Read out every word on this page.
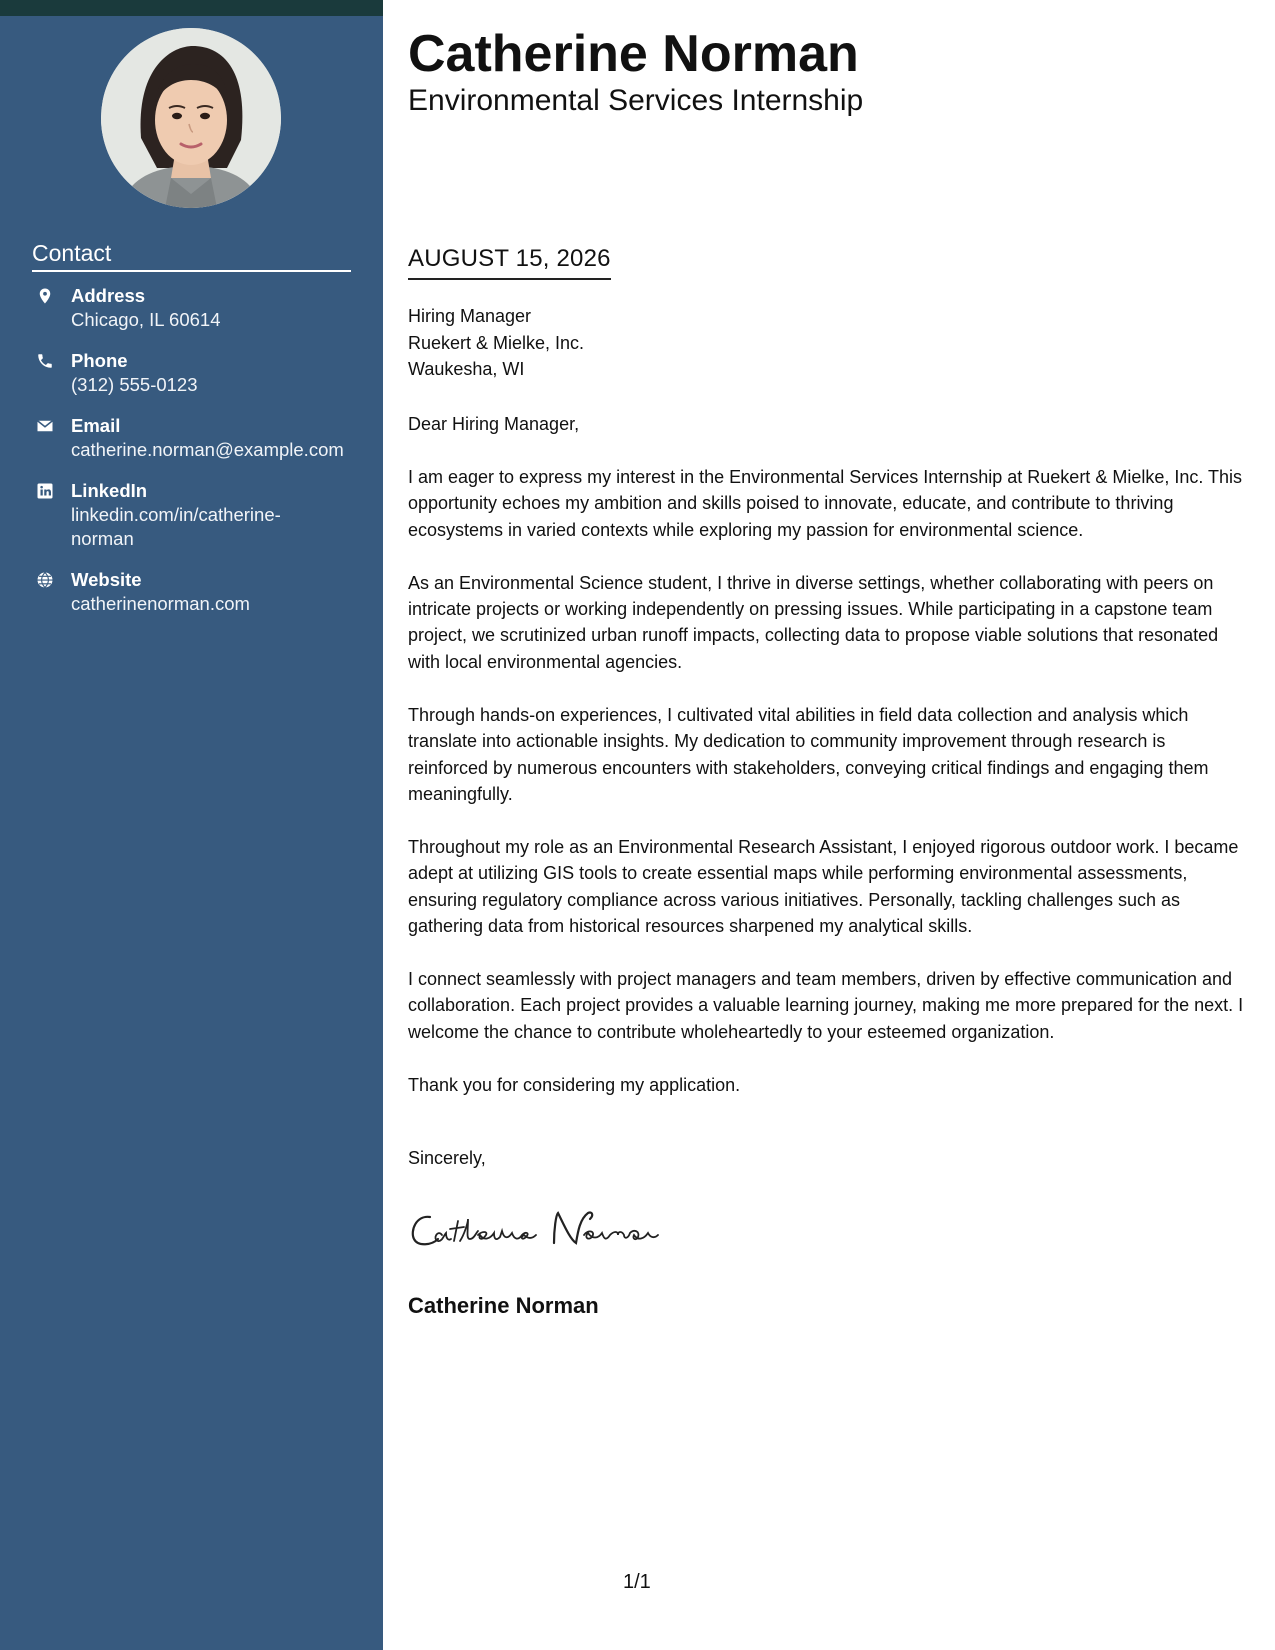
Contact
Address
Chicago, IL 60614
Phone
(312) 555-0123
Email
catherine.norman@example.com
LinkedIn
linkedin.com/in/catherine-
norman
Website
catherinenorman.com
Catherine Norman
Environmental Services Internship
AUGUST 15, 2026
Hiring Manager
Ruekert & Mielke, Inc.
Waukesha, WI

Dear Hiring Manager,

I am eager to express my interest in the Environmental Services Internship at Ruekert & Mielke, Inc. This opportunity echoes my ambition and skills poised to innovate, educate, and contribute to thriving ecosystems in varied contexts while exploring my passion for environmental science.

As an Environmental Science student, I thrive in diverse settings, whether collaborating with peers on intricate projects or working independently on pressing issues. While participating in a capstone team project, we scrutinized urban runoff impacts, collecting data to propose viable solutions that resonated with local environmental agencies.

Through hands-on experiences, I cultivated vital abilities in field data collection and analysis which translate into actionable insights. My dedication to community improvement through research is reinforced by numerous encounters with stakeholders, conveying critical findings and engaging them meaningfully.

Throughout my role as an Environmental Research Assistant, I enjoyed rigorous outdoor work. I became adept at utilizing GIS tools to create essential maps while performing environmental assessments, ensuring regulatory compliance across various initiatives. Personally, tackling challenges such as gathering data from historical resources sharpened my analytical skills.

I connect seamlessly with project managers and team members, driven by effective communication and collaboration. Each project provides a valuable learning journey, making me more prepared for the next. I welcome the chance to contribute wholeheartedly to your esteemed organization.

Thank you for considering my application.

Sincerely,
Catherine Norman
1/1
